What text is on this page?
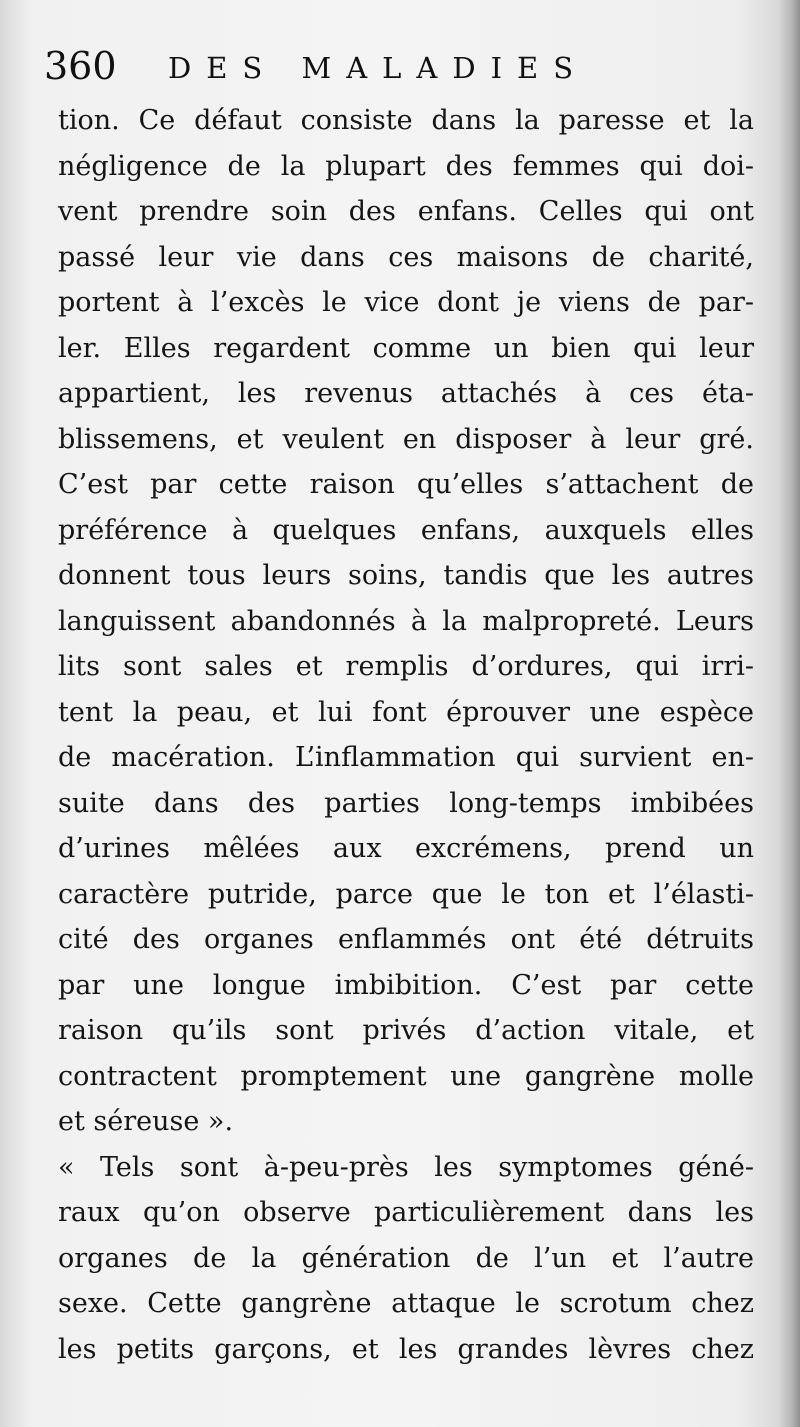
360 DES MALADIES
tion. Ce défaut consiste dans la paresse et la
négligence de la plupart des femmes qui doi-
vent prendre soin des enfans. Celles qui ont
passé leur vie dans ces maisons de charité,
portent à l’excès le vice dont je viens de par-
ler. Elles regardent comme un bien qui leur
appartient, les revenus attachés à ces éta-
blissemens, et veulent en disposer à leur gré.
C’est par cette raison qu’elles s’attachent de
préférence à quelques enfans, auxquels elles
donnent tous leurs soins, tandis que les autres
languissent abandonnés à la malpropreté. Leurs
lits sont sales et remplis d’ordures, qui irri-
tent la peau, et lui font éprouver une espèce
de macération. L’inflammation qui survient en-
suite dans des parties long-temps imbibées
d’urines mêlées aux excrémens, prend un
caractère putride, parce que le ton et l’élasti-
cité des organes enflammés ont été détruits
par une longue imbibition. C’est par cette
raison qu’ils sont privés d’action vitale, et
contractent promptement une gangrène molle
et séreuse ».
« Tels sont à-peu-près les symptomes géné-
raux qu’on observe particulièrement dans les
organes de la génération de l’un et l’autre
sexe. Cette gangrène attaque le scrotum chez
les petits garçons, et les grandes lèvres chez
